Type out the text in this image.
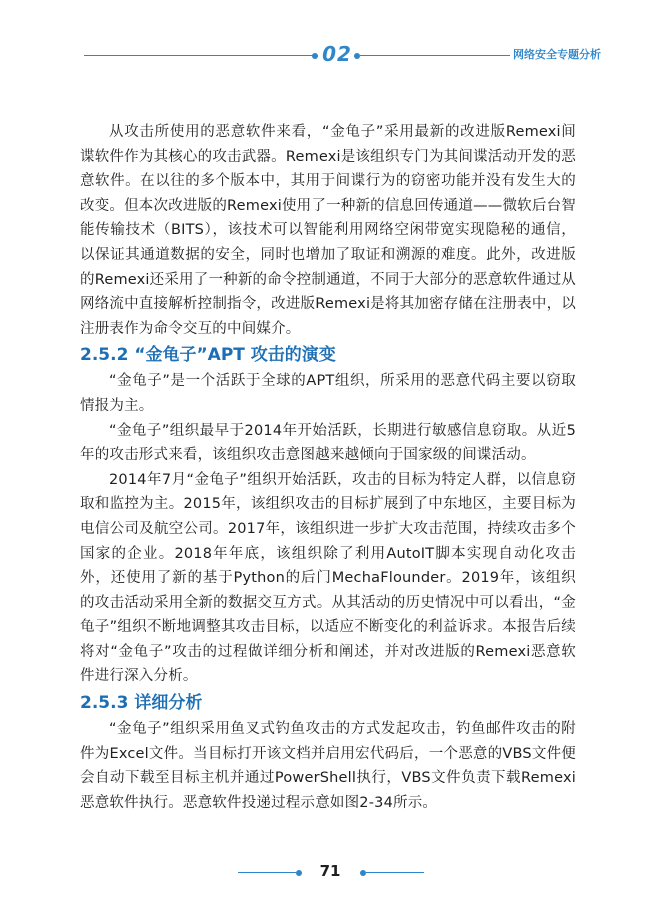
02	网络安全专题分析

从攻击所使用的恶意软件来看，“金龟子”采用最新的改进版Remexi间谍软件作为其核心的攻击武器。Remexi是该组织专门为其间谍活动开发的恶意软件。在以往的多个版本中，其用于间谍行为的窃密功能并没有发生大的改变。但本次改进版的Remexi使用了一种新的信息回传通道——微软后台智能传输技术（BITS），该技术可以智能利用网络空闲带宽实现隐秘的通信，以保证其通道数据的安全，同时也增加了取证和溯源的难度。此外，改进版的Remexi还采用了一种新的命令控制通道，不同于大部分的恶意软件通过从网络流中直接解析控制指令，改进版Remexi是将其加密存储在注册表中，以注册表作为命令交互的中间媒介。

2.5.2 “金龟子”APT 攻击的演变

“金龟子”是一个活跃于全球的APT组织，所采用的恶意代码主要以窃取情报为主。

“金龟子”组织最早于2014年开始活跃，长期进行敏感信息窃取。从近5年的攻击形式来看，该组织攻击意图越来越倾向于国家级的间谍活动。

2014年7月“金龟子”组织开始活跃，攻击的目标为特定人群，以信息窃取和监控为主。2015年，该组织攻击的目标扩展到了中东地区，主要目标为电信公司及航空公司。2017年，该组织进一步扩大攻击范围，持续攻击多个国家的企业。2018年年底，该组织除了利用AutoIT脚本实现自动化攻击外，还使用了新的基于Python的后门MechaFlounder。2019年，该组织的攻击活动采用全新的数据交互方式。从其活动的历史情况中可以看出，“金龟子”组织不断地调整其攻击目标，以适应不断变化的利益诉求。本报告后续将对“金龟子”攻击的过程做详细分析和阐述，并对改进版的Remexi恶意软件进行深入分析。

2.5.3 详细分析

“金龟子”组织采用鱼叉式钓鱼攻击的方式发起攻击，钓鱼邮件攻击的附件为Excel文件。当目标打开该文档并启用宏代码后，一个恶意的VBS文件便会自动下载至目标主机并通过PowerShell执行，VBS文件负责下载Remexi恶意软件执行。恶意软件投递过程示意如图2-34所示。

71
